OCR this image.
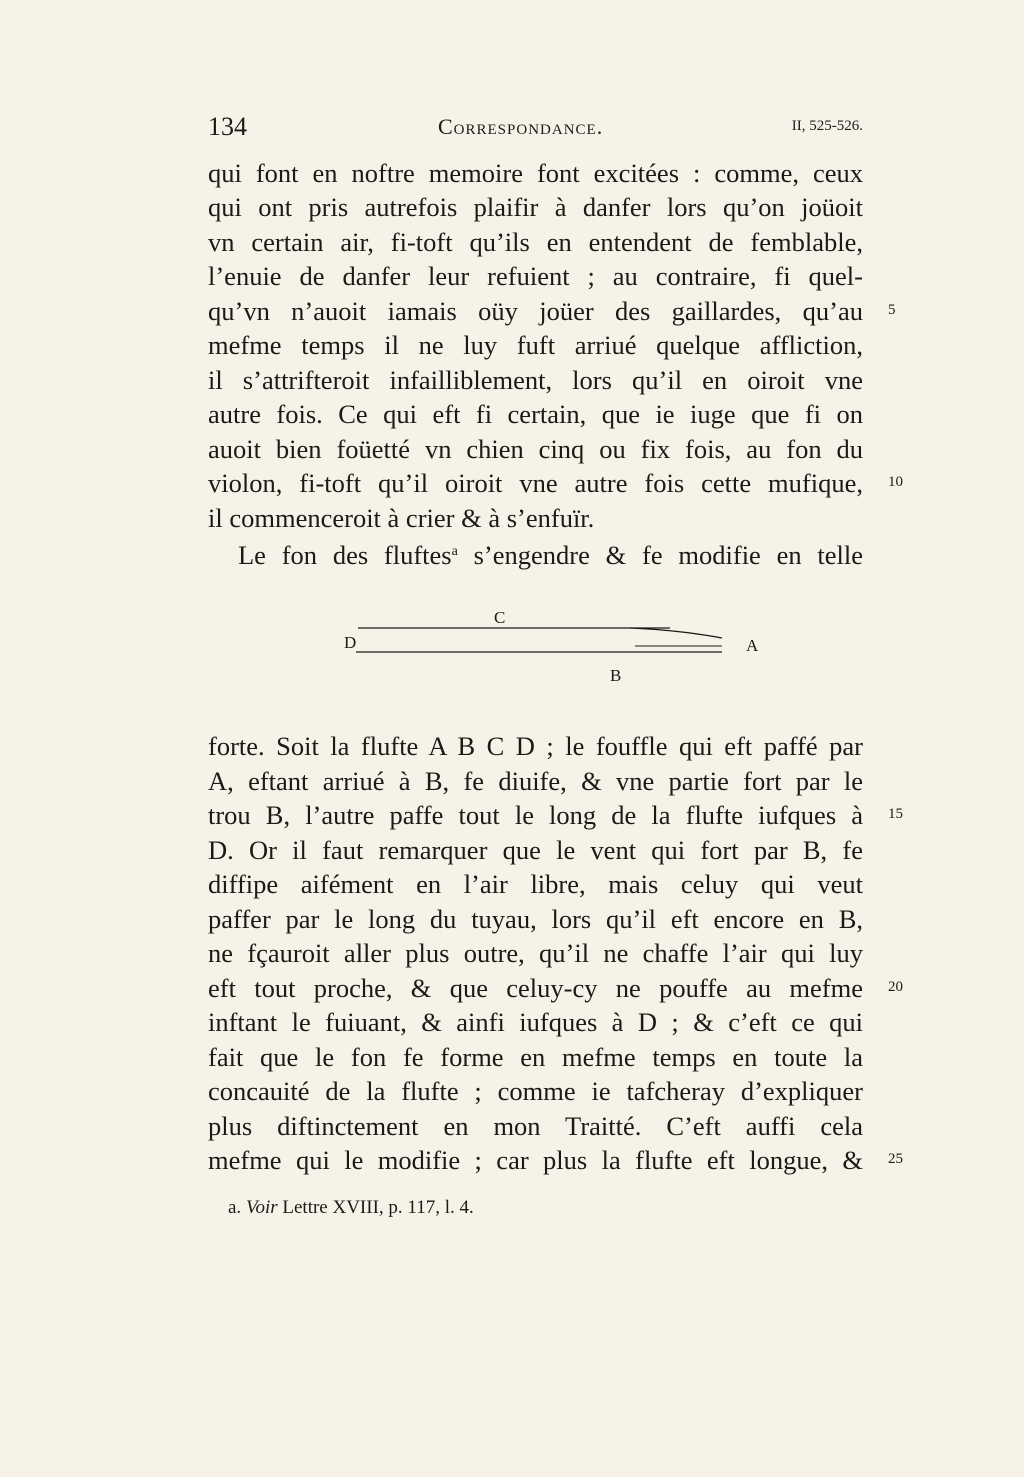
134	Correspondance.	II, 525-526.
qui font en noftre memoire font excitées : comme, ceux
qui ont pris autrefois plaifir à danfer lors qu’on joüoit
vn certain air, fi-toft qu’ils en entendent de femblable,
l’enuie de danfer leur refuient ; au contraire, fi quel-
qu’vn n’auoit iamais oüy joüer des gaillardes, qu’au
mefme temps il ne luy fuft arriué quelque affliction,
il s’attrifteroit infailliblement, lors qu’il en oiroit vne
autre fois. Ce qui eft fi certain, que ie iuge que fi on
auoit bien foüetté vn chien cinq ou fix fois, au fon du
violon, fi-toft qu’il oiroit vne autre fois cette mufique,
il commenceroit à crier & à s’enfuïr.
Le fon des fluftes$^a$ s’engendre & fe modifie en telle
forte. Soit la flufte A B C D ; le fouffle qui eft paffé par
A, eftant arriué à B, fe diuife, & vne partie fort par le
trou B, l’autre paffe tout le long de la flufte iufques à
D. Or il faut remarquer que le vent qui fort par B, fe
diffipe aifément en l’air libre, mais celuy qui veut
paffer par le long du tuyau, lors qu’il eft encore en B,
ne fçauroit aller plus outre, qu’il ne chaffe l’air qui luy
eft tout proche, & que celuy-cy ne pouffe au mefme
inftant le fuiuant, & ainfi iufques à D ; & c’eft ce qui
fait que le fon fe forme en mefme temps en toute la
concauité de la flufte ; comme ie tafcheray d’expliquer
plus diftinctement en mon Traitté. C’eft auffi cela
mefme qui le modifie ; car plus la flufte eft longue, &
5
10
15
20
25
C
D	A
B
a. Voir Lettre XVIII, p. 117, l. 4.
